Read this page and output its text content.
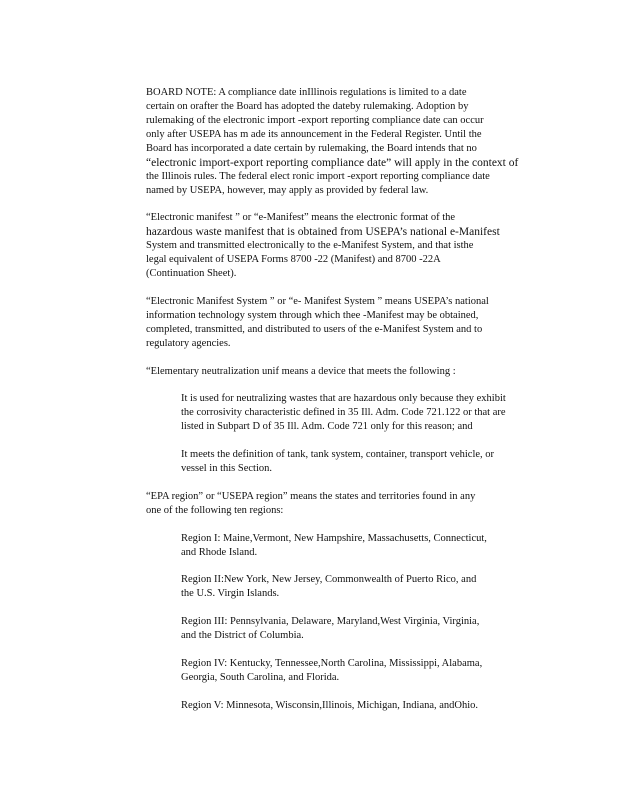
BOARD NOTE: A compliance date inIllinois regulations is limited to a date
certain on orafter the Board has adopted the dateby rulemaking. Adoption by
rulemaking of the electronic import -export reporting compliance date can occur
only after USEPA has m ade its announcement in the Federal Register. Until the
Board has incorporated a date certain by rulemaking, the Board intends that no
“electronic import-export reporting compliance date” will apply in the context of
the Illinois rules. The federal elect ronic import -export reporting compliance date
named by USEPA, however, may apply as provided by federal law.

“Electronic manifest ” or “e-Manifest” means the electronic format of the
hazardous waste manifest that is obtained from USEPA’s national e-Manifest
System and transmitted electronically to the e-Manifest System, and that isthe
legal equivalent of USEPA Forms 8700 -22 (Manifest) and 8700 -22A
(Continuation Sheet).

“Electronic Manifest System ” or “e- Manifest System ” means USEPA’s national
information technology system through which thee -Manifest may be obtained,
completed, transmitted, and distributed to users of the e-Manifest System and to
regulatory agencies.

“Elementary neutralization unif means a device that meets the following :

It is used for neutralizing wastes that are hazardous only because they exhibit
the corrosivity characteristic defined in 35 Ill. Adm. Code 721.122 or that are
listed in Subpart D of 35 Ill. Adm. Code 721 only for this reason; and

It meets the definition of tank, tank system, container, transport vehicle, or
vessel in this Section.

“EPA region” or “USEPA region” means the states and territories found in any
one of the following ten regions:

Region I: Maine,Vermont, New Hampshire, Massachusetts, Connecticut,
and Rhode Island.

Region II:New York, New Jersey, Commonwealth of Puerto Rico, and
the U.S. Virgin Islands.

Region III: Pennsylvania, Delaware, Maryland,West Virginia, Virginia,
and the District of Columbia.

Region IV: Kentucky, Tennessee,North Carolina, Mississippi, Alabama,
Georgia, South Carolina, and Florida.

Region V: Minnesota, Wisconsin,Illinois, Michigan, Indiana, andOhio.
